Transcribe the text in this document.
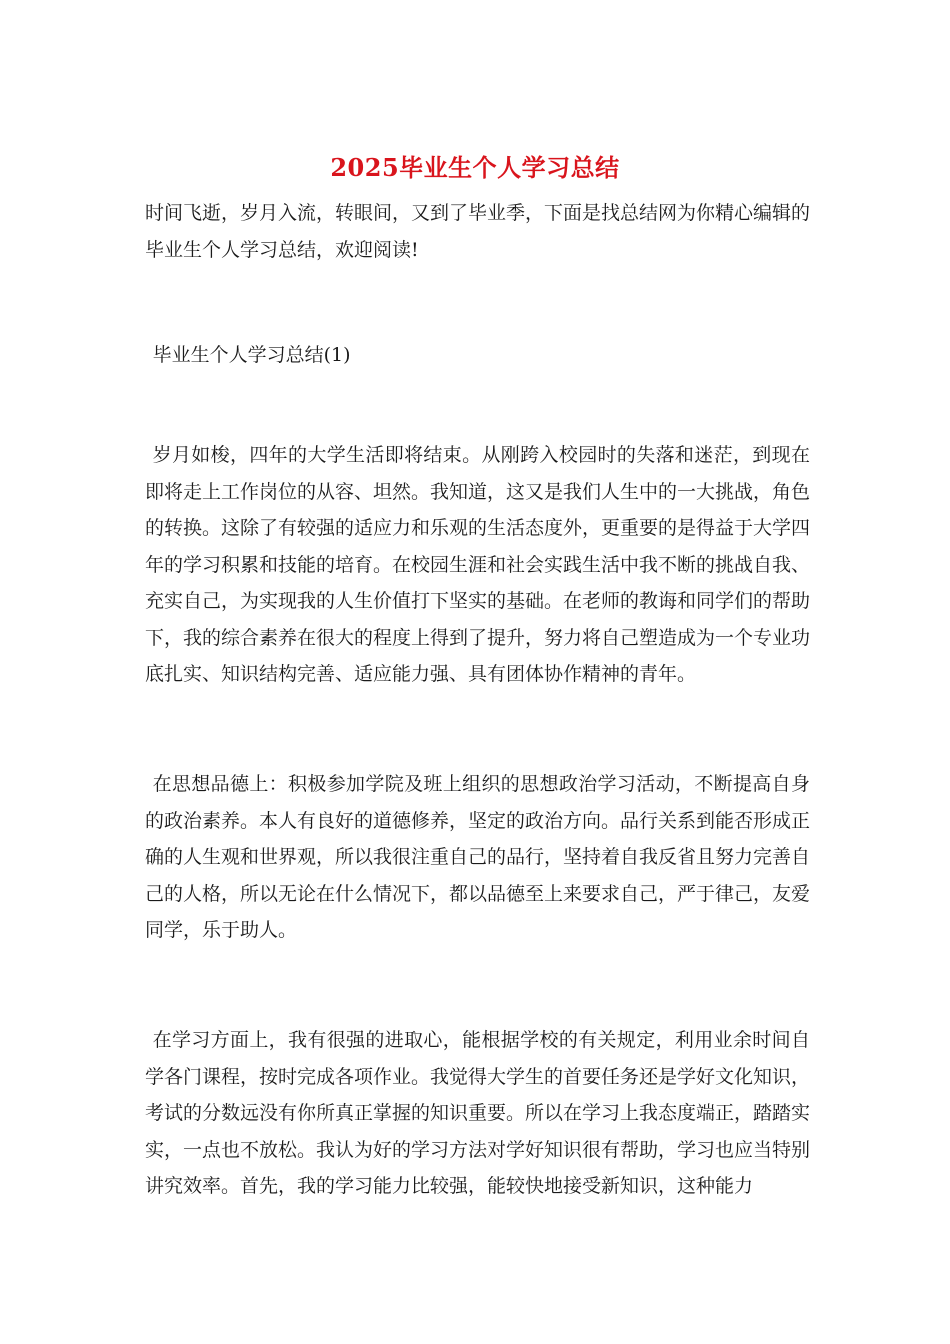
2025毕业生个人学习总结

时间飞逝，岁月入流，转眼间，又到了毕业季，下面是找总结网为你精心编辑的毕业生个人学习总结，欢迎阅读!

毕业生个人学习总结(1)

岁月如梭，四年的大学生活即将结束。从刚跨入校园时的失落和迷茫，到现在即将走上工作岗位的从容、坦然。我知道，这又是我们人生中的一大挑战，角色的转换。这除了有较强的适应力和乐观的生活态度外，更重要的是得益于大学四年的学习积累和技能的培育。在校园生涯和社会实践生活中我不断的挑战自我、充实自己，为实现我的人生价值打下坚实的基础。在老师的教诲和同学们的帮助下，我的综合素养在很大的程度上得到了提升，努力将自己塑造成为一个专业功底扎实、知识结构完善、适应能力强、具有团体协作精神的青年。

在思想品德上：积极参加学院及班上组织的思想政治学习活动，不断提高自身的政治素养。本人有良好的道德修养，坚定的政治方向。品行关系到能否形成正确的人生观和世界观，所以我很注重自己的品行，坚持着自我反省且努力完善自己的人格，所以无论在什么情况下，都以品德至上来要求自己，严于律己，友爱同学，乐于助人。

在学习方面上，我有很强的进取心，能根据学校的有关规定，利用业余时间自学各门课程，按时完成各项作业。我觉得大学生的首要任务还是学好文化知识，考试的分数远没有你所真正掌握的知识重要。所以在学习上我态度端正，踏踏实实，一点也不放松。我认为好的学习方法对学好知识很有帮助，学习也应当特别讲究效率。首先，我的学习能力比较强，能较快地接受新知识，这种能力
